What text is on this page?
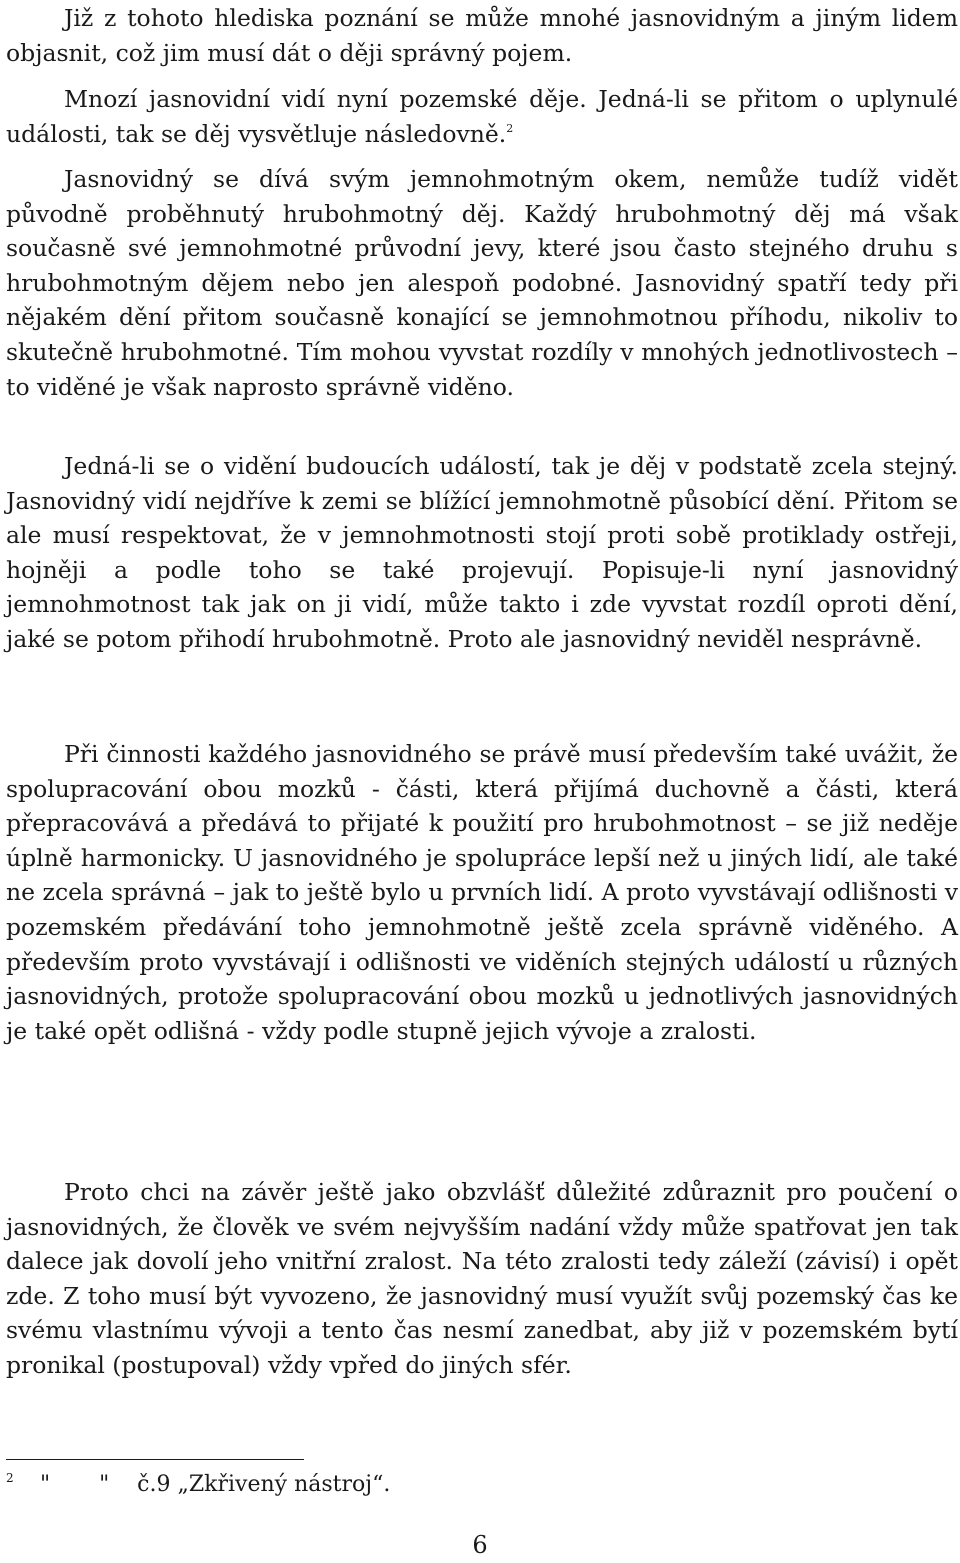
Již z tohoto hlediska poznání se může mnohé jasnovidným a jiným lidem objasnit, což jim musí dát o ději správný pojem.

Mnozí jasnovidní vidí nyní pozemské děje. Jedná-li se přitom o uplynulé události, tak se děj vysvětluje následovně.$^2$

Jasnovidný se dívá svým jemnohmotným okem, nemůže tudíž vidět původně proběhnutý hrubohmotný děj. Každý hrubohmotný děj má však současně své jemnohmotné průvodní jevy, které jsou často stejného druhu s hrubohmotným dějem nebo jen alespoň podobné. Jasnovidný spatří tedy při nějakém dění přitom současně konající se jemnohmotnou příhodu, nikoliv to skutečně hrubohmotné. Tím mohou vyvstat rozdíly v mnohých jednotlivostech – to viděné je však naprosto správně viděno.

Jedná-li se o vidění budoucích událostí, tak je děj v podstatě zcela stejný. Jasnovidný vidí nejdříve k zemi se blížící jemnohmotně působící dění. Přitom se ale musí respektovat, že v jemnohmotnosti stojí proti sobě protiklady ostřeji, hojněji a podle toho se také projevují. Popisuje-li nyní jasnovidný jemnohmotnost tak jak on ji vidí, může takto i zde vyvstat rozdíl oproti dění, jaké se potom přihodí hrubohmotně. Proto ale jasnovidný neviděl nesprávně.

Při činnosti každého jasnovidného se právě musí především také uvážit, že spolupracování obou mozků - části, která přijímá duchovně a části, která přepracovává a předává to přijaté k použití pro hrubohmotnost – se již neděje úplně harmonicky. U jasnovidného je spolupráce lepší než u jiných lidí, ale také ne zcela správná – jak to ještě bylo u prvních lidí. A proto vyvstávají odlišnosti v pozemském předávání toho jemnohmotně ještě zcela správně viděného. A především proto vyvstávají i odlišnosti ve viděních stejných událostí u různých jasnovidných, protože spolupracování obou mozků u jednotlivých jasnovidných je také opět odlišná - vždy podle stupně jejich vývoje a zralosti.

Proto chci na závěr ještě jako obzvlášť důležité zdůraznit pro poučení o jasnovidných, že člověk ve svém nejvyšším nadání vždy může spatřovat jen tak dalece jak dovolí jeho vnitřní zralost. Na této zralosti tedy záleží (závisí) i opět zde. Z toho musí být vyvozeno, že jasnovidný musí využít svůj pozemský čas ke svému vlastnímu vývoji a tento čas nesmí zanedbat, aby již v pozemském bytí pronikal (postupoval) vždy vpřed do jiných sfér.

2 "       "    č.9 „Zkřivený nástroj“.
6
